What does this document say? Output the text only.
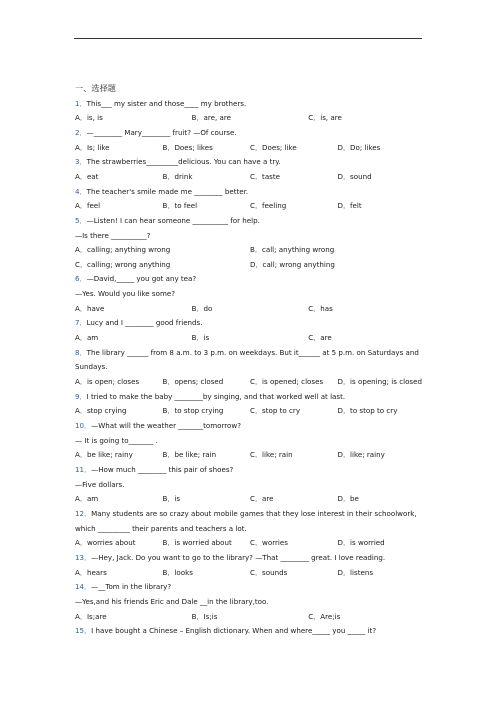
一、选择题
1．This___ my sister and those____ my brothers.
A．is, is	B．are, are	C．is, are
2．—________ Mary________ fruit? —Of course.
A．Is; like	B．Does; likes	C．Does; like	D．Do; likes
3．The strawberries_________delicious. You can have a try.
A．eat	B．drink	C．taste	D．sound
4．The teacher's smile made me ________ better.
A．feel	B．to feel	C．feeling	D．felt
5．—Listen! I can hear someone __________ for help.
—Is there __________?
A．calling; anything wrong	B．call; anything wrong
C．calling; wrong anything	D．call; wrong anything
6．—David,_____ you got any tea?
—Yes. Would you like some?
A．have	B．do	C．has
7．Lucy and I ________ good friends.
A．am	B．is	C．are
8．The library ______ from 8 a.m. to 3 p.m. on weekdays. But it______ at 5 p.m. on Saturdays and Sundays.
A．is open; closes	B．opens; closed	C．is opened; closes	D．is opening; is closed
9．I tried to make the baby ________by singing, and that worked well at last.
A．stop crying	B．to stop crying	C．stop to cry	D．to stop to cry
10．—What will the weather _______tomorrow?
— It is going to_______ .
A．be like; rainy	B．be like; rain	C．like; rain	D．like; rainy
11．—How much ________ this pair of shoes?
—Five dollars.
A．am	B．is	C．are	D．be
12．Many students are so crazy about mobile games that they lose interest in their schoolwork, which _________ their parents and teachers a lot.
A．worries about	B．is worried about	C．worries	D．is worried
13．—Hey, Jack. Do you want to go to the library? —That ________ great. I love reading.
A．hears	B．looks	C．sounds	D．listens
14．—__Tom in the library?
—Yes,and his friends Eric and Dale __in the library,too.
A．Is;are	B．Is;is	C．Are;is
15．I have bought a Chinese – English dictionary. When and where_____ you _____ it?
